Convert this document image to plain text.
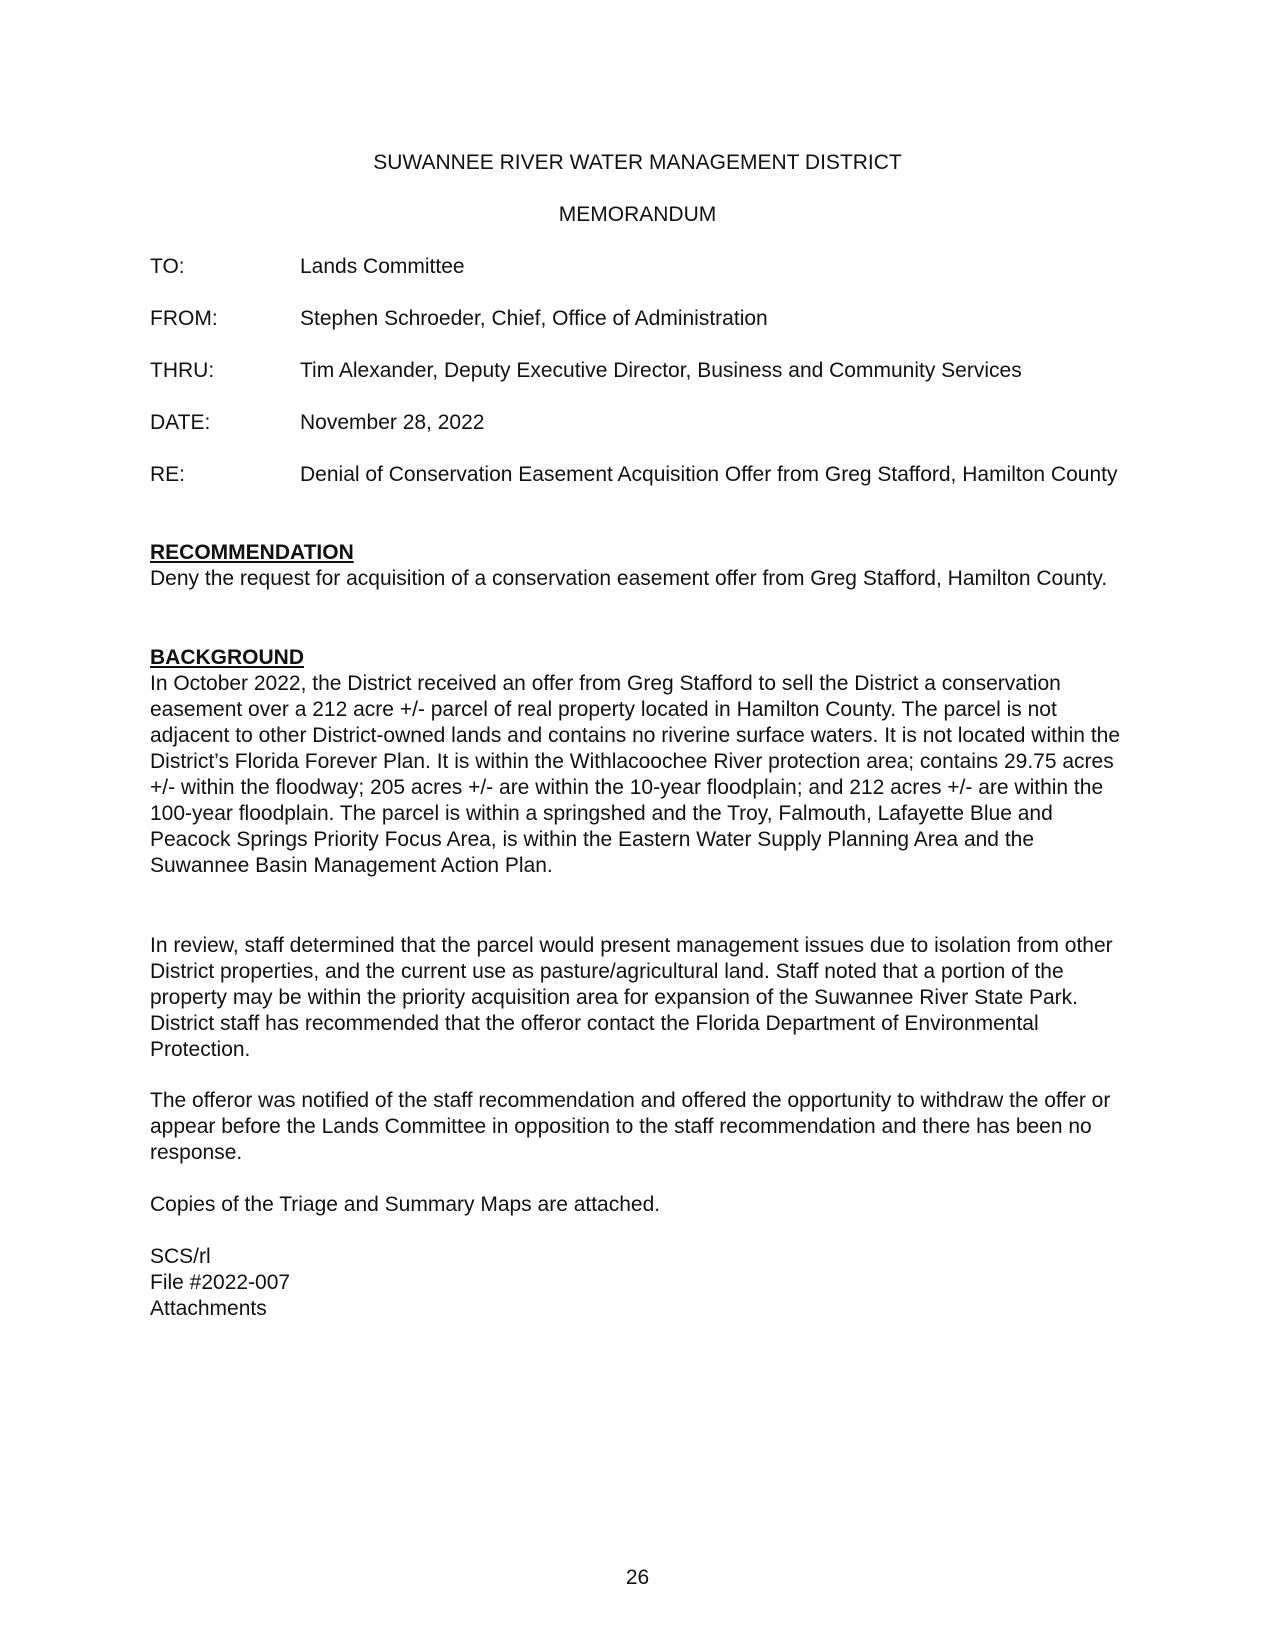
SUWANNEE RIVER WATER MANAGEMENT DISTRICT
MEMORANDUM
TO:	Lands Committee
FROM:	Stephen Schroeder, Chief, Office of Administration
THRU:	Tim Alexander, Deputy Executive Director, Business and Community Services
DATE:	November 28, 2022
RE:	Denial of Conservation Easement Acquisition Offer from Greg Stafford, Hamilton County

RECOMMENDATION

Deny the request for acquisition of a conservation easement offer from Greg Stafford, Hamilton County.

BACKGROUND

In October 2022, the District received an offer from Greg Stafford to sell the District a conservation easement over a 212 acre +/- parcel of real property located in Hamilton County. The parcel is not adjacent to other District-owned lands and contains no riverine surface waters. It is not located within the District’s Florida Forever Plan. It is within the Withlacoochee River protection area; contains 29.75 acres +/- within the floodway; 205 acres +/- are within the 10-year floodplain; and 212 acres +/- are within the 100-year floodplain. The parcel is within a springshed and the Troy, Falmouth, Lafayette Blue and Peacock Springs Priority Focus Area, is within the Eastern Water Supply Planning Area and the Suwannee Basin Management Action Plan.

In review, staff determined that the parcel would present management issues due to isolation from other District properties, and the current use as pasture/agricultural land. Staff noted that a portion of the property may be within the priority acquisition area for expansion of the Suwannee River State Park. District staff has recommended that the offeror contact the Florida Department of Environmental Protection.

The offeror was notified of the staff recommendation and offered the opportunity to withdraw the offer or appear before the Lands Committee in opposition to the staff recommendation and there has been no response.

Copies of the Triage and Summary Maps are attached.

SCS/rl
File #2022-007
Attachments
26
